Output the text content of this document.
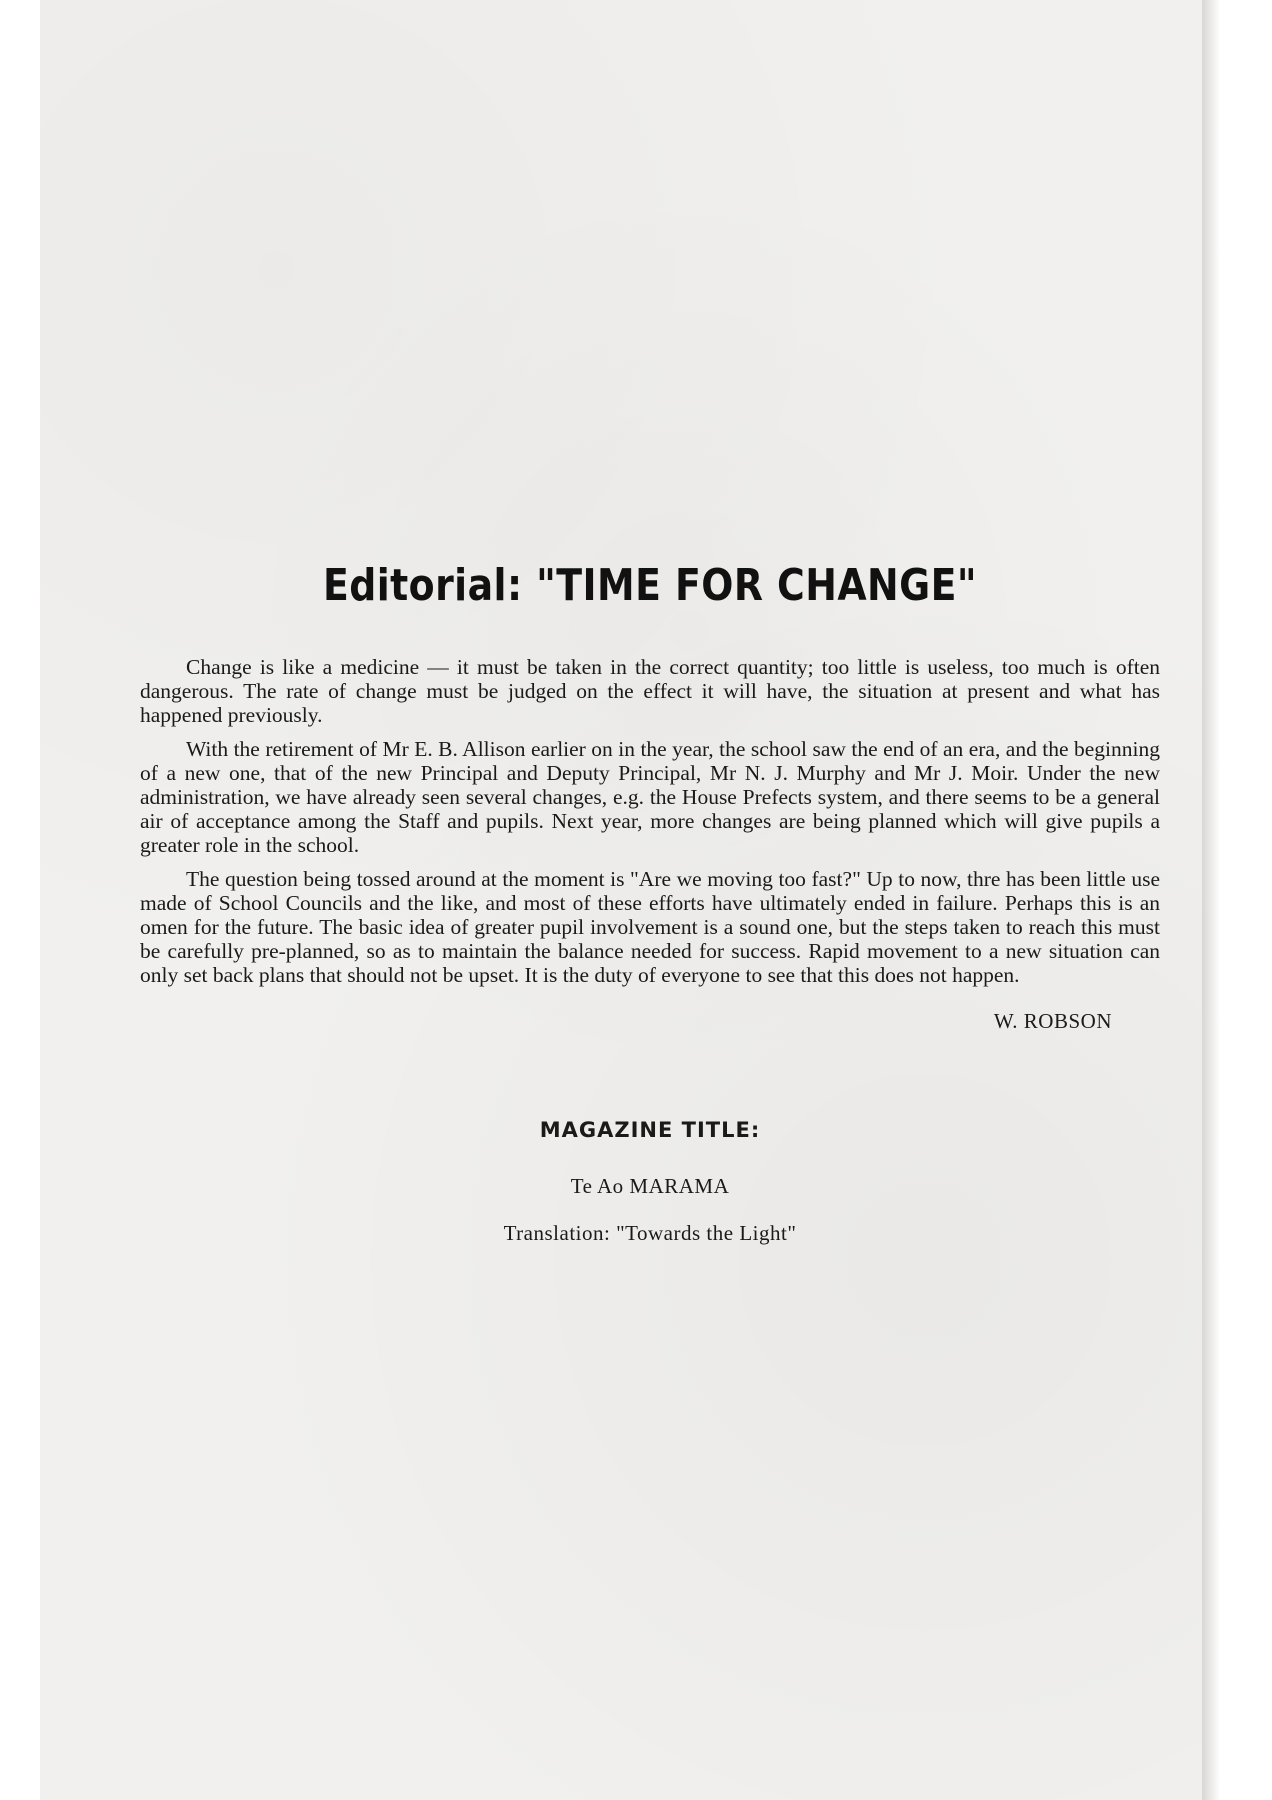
Editorial: "TIME FOR CHANGE"

Change is like a medicine — it must be taken in the correct quantity; too little is useless, too much is often dangerous. The rate of change must be judged on the effect it will have, the situation at present and what has happened previously.

With the retirement of Mr E. B. Allison earlier on in the year, the school saw the end of an era, and the beginning of a new one, that of the new Principal and Deputy Principal, Mr N. J. Murphy and Mr J. Moir. Under the new administration, we have already seen several changes, e.g. the House Prefects system, and there seems to be a general air of acceptance among the Staff and pupils. Next year, more changes are being planned which will give pupils a greater role in the school.

The question being tossed around at the moment is "Are we moving too fast?" Up to now, thre has been little use made of School Councils and the like, and most of these efforts have ultimately ended in failure. Perhaps this is an omen for the future. The basic idea of greater pupil involvement is a sound one, but the steps taken to reach this must be carefully pre-planned, so as to maintain the balance needed for success. Rapid movement to a new situation can only set back plans that should not be upset. It is the duty of everyone to see that this does not happen.

W. ROBSON
MAGAZINE TITLE:
Te Ao MARAMA
Translation: "Towards the Light"
